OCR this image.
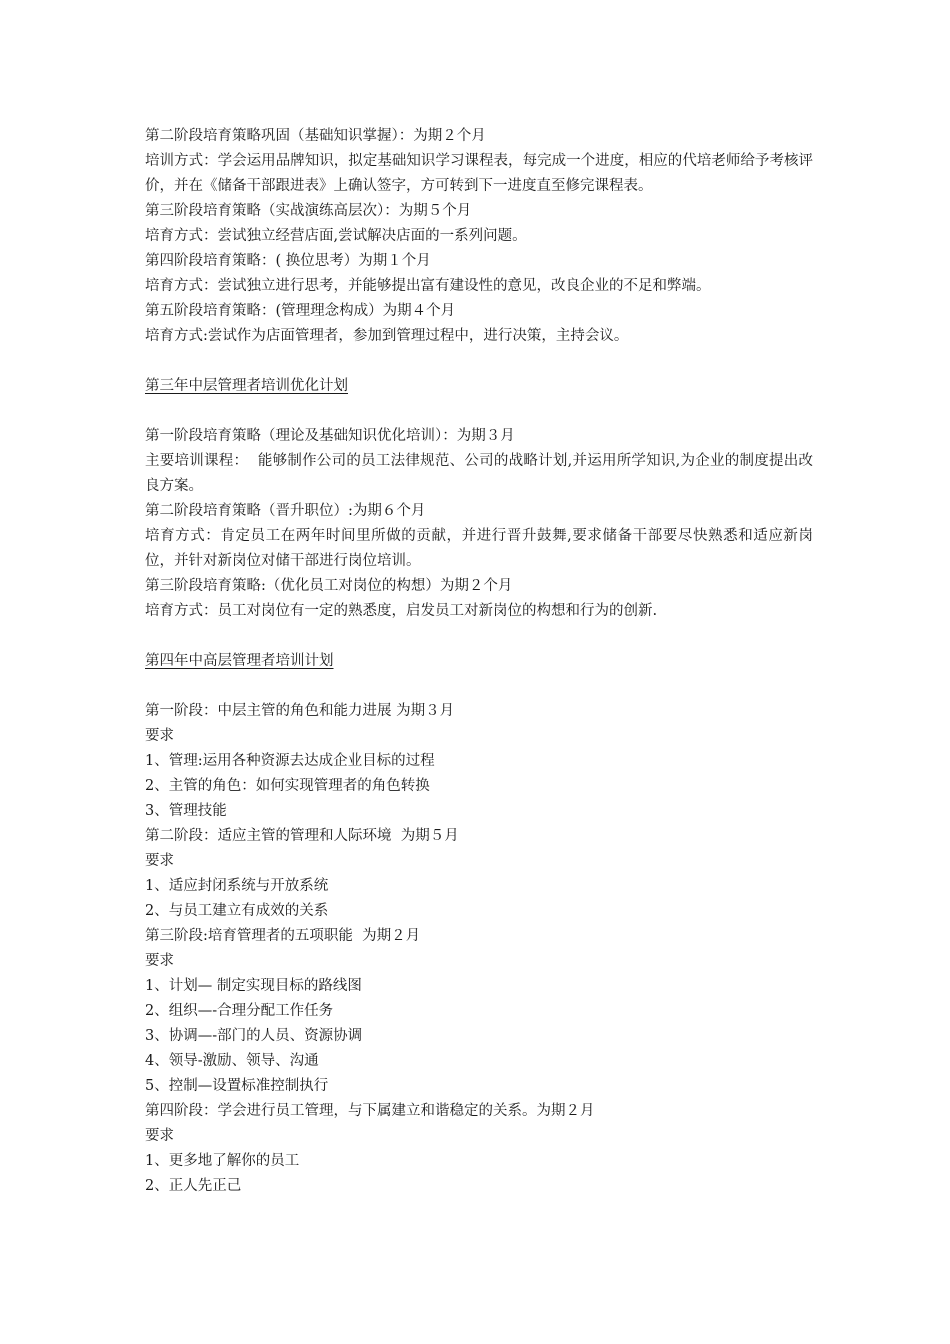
第二阶段培育策略巩固（基础知识掌握）：为期２个月
培训方式：学会运用品牌知识，拟定基础知识学习课程表，每完成一个进度，相应的代培老师给予考核评价，并在《储备干部跟进表》上确认签字，方可转到下一进度直至修完课程表。
第三阶段培育策略（实战演练高层次）：为期５个月
培育方式：尝试独立经营店面,尝试解决店面的一系列问题。
第四阶段培育策略：( 换位思考）为期１个月
培育方式：尝试独立进行思考，并能够提出富有建设性的意见，改良企业的不足和弊端。
第五阶段培育策略：(管理理念构成）为期４个月
培育方式:尝试作为店面管理者，参加到管理过程中，进行决策，主持会议。
第三年中层管理者培训优化计划
第一阶段培育策略（理论及基础知识优化培训）：为期３月
主要培训课程：  能够制作公司的员工法律规范、公司的战略计划,并运用所学知识,为企业的制度提出改良方案。
第二阶段培育策略（晋升职位）:为期６个月
培育方式：肯定员工在两年时间里所做的贡献，并进行晋升鼓舞,要求储备干部要尽快熟悉和适应新岗位，并针对新岗位对储干部进行岗位培训。
第三阶段培育策略:（优化员工对岗位的构想）为期２个月
培育方式：员工对岗位有一定的熟悉度，启发员工对新岗位的构想和行为的创新.
第四年中高层管理者培训计划
第一阶段：中层主管的角色和能力进展 为期３月
要求
1、管理:运用各种资源去达成企业目标的过程
2、主管的角色：如何实现管理者的角色转换
3、管理技能
第二阶段：适应主管的管理和人际环境  为期５月
要求
1、适应封闭系统与开放系统
2、与员工建立有成效的关系
第三阶段:培育管理者的五项职能  为期２月
要求
1、计划— 制定实现目标的路线图
2、组织—-合理分配工作任务
3、协调—-部门的人员、资源协调
4、领导-激励、领导、沟通
5、控制—设置标准控制执行
第四阶段：学会进行员工管理，与下属建立和谐稳定的关系。为期２月
要求
1、更多地了解你的员工
2、正人先正己
